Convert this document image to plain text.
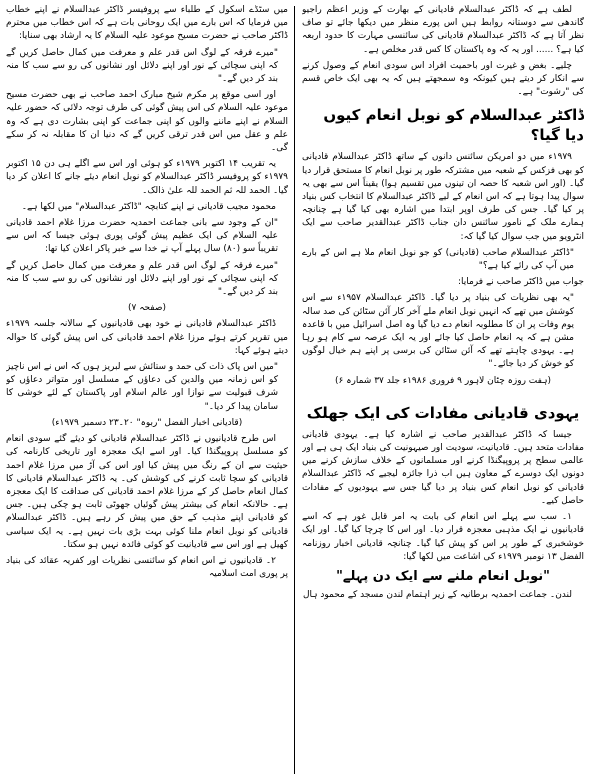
لطف ہے کہ ڈاکٹر عبدالسلام قادیانی کے بھارت کے وزیر اعظم راجیو گاندھی سے دوستانہ روابط ہیں اس پورے منظر میں دیکھا جائے تو صاف نظر آتا ہے کہ ڈاکٹر عبدالسلام قادیانی کی سائنسی مہارت کا حدود اربعہ کیا ہے؟ ...... اور یہ کہ وہ پاکستان کا کس قدر مخلص ہے۔

چلیے۔ بغض و غیرت اور باحمیت افراد اس سودی انعام کے وصول کرنے سے انکار کر دیتے ہیں کیونکہ وہ سمجھتے ہیں کہ یہ بھی ایک خاص قسم کی "رشوت" ہے۔

ڈاکٹر عبدالسلام کو نوبل انعام کیوں دیا گیا؟

۱۹۷۹ء میں دو امریکن سائنس دانوں کے ساتھ ڈاکٹر عبدالسلام قادیانی کو بھی فزکس کے شعبہ میں مشترکہ طور پر نوبل انعام کا مستحق قرار دیا گیا۔ (اور اس شعبہ کا حصہ ان تینوں میں تقسیم ہوا) یقیناً اس سے بھی یہ سوال پیدا ہوتا ہے کہ اس انعام کے لیے ڈاکٹر عبدالسلام کا انتخاب کس بنیاد پر کیا گیا۔ جس کی طرف اوپر ابتدا میں اشارہ بھی کیا گیا ہے چنانچہ ہمارے ملک کے نامور سائنس دان جناب ڈاکٹر عبدالقدیر صاحب سے ایک انٹرویو میں جب سوال کیا گیا کہ:

"ڈاکٹر عبدالسلام صاحب (قادیانی) کو جو نوبل انعام ملا ہے اس کے بارے میں آپ کی رائے کیا ہے؟"

جواب میں ڈاکٹر صاحب نے فرمایا:

"یہ بھی نظریات کی بنیاد پر دیا گیا۔ ڈاکٹر عبدالسلام ۱۹۵۷ء سے اس کوشش میں تھے کہ انہیں نوبل انعام ملے آخر کار آئن سٹائن کی صد سالہ یوم وفات پر ان کا مطلوبہ انعام دے دیا گیا وہ اصل اسرائیل میں با قاعدہ مشن ہے کہ یہ انعام حاصل کیا جائے اور یہ ایک عرصہ سے کام ہو رہا ہے۔ یہودی چاہتے تھے کہ آئن سٹائن کی برسی پر اپنے ہم خیال لوگوں کو خوش کر دیا جائے۔"

(ہفت روزہ چٹان لاہور ۹ فروری ۱۹۸۶ء جلد ۳۷ شمارہ ۶)

یہودی قادیانی مفادات کی ایک جھلک

جیسا کہ ڈاکٹر عبدالقدیر صاحب نے اشارہ کیا ہے۔ یہودی قادیانی مفادات متحد ہیں۔ قادیانیت، سودیت اور صیہونیت کی بنیاد ایک ہی ہے اور عالمی سطح پر پروپیگنڈا کرنے اور مسلمانوں کے خلاف سازش کرنے میں دونوں ایک دوسرے کے معاون ہیں اب ذرا جائزہ لیجیے کہ ڈاکٹر عبدالسلام قادیانی کو نوبل انعام کس بنیاد پر دیا گیا جس سے یہودیوں کے مفادات حاصل کیے۔

۱۔ سب سے پہلے اس انعام کی بابت یہ امر قابل غور ہے کہ اسے قادیانیوں نے ایک مذہبی معجزہ قرار دیا۔ اور اس کا چرچا کیا گیا۔ اور ایک خوشخبری کے طور پر اس کو پیش کیا گیا۔ چنانچہ قادیانی اخبار روزنامہ الفضل ۱۳ نومبر ۱۹۷۹ء کی اشاعت میں لکھا گیا:

"نوبل انعام ملنے سے ایک دن پہلے"

لندن۔ جماعت احمدیہ برطانیہ کے زیر اہتمام لندن مسجد کے محمود ہال

میں سٹڈے اسکول کے طلباء سے پروفیسر ڈاکٹر عبدالسلام نے اپنے خطاب میں فرمایا کہ اس بارے میں ایک روحانی بات ہے کہ اس خطاب میں محترم ڈاکٹر صاحب نے حضرت مسیح موعود علیہ السلام کا یہ ارشاد بھی سنایا:

"میرے فرقہ کے لوگ اس قدر علم و معرفت میں کمال حاصل کریں گے کہ اپنی سچائی کے نور اور اپنے دلائل اور نشانوں کی رو سے سب کا منہ بند کر دیں گے۔"

اور اسی موقع پر مکرم شیخ مبارک احمد صاحب نے بھی حضرت مسیح موعود علیہ السلام کی اس پیش گوئی کی طرف توجہ دلائی کہ حضور علیہ السلام نے اپنے ماننے والوں کو اپنی جماعت کو اپنی بشارت دی ہے کہ وہ علم و عقل میں اس قدر ترقی کریں گے کہ دنیا ان کا مقابلہ نہ کر سکے گی۔

یہ تقریب ۱۴ اکتوبر ۱۹۷۹ء کو ہوئی اور اس سے اگلے ہی دن ۱۵ اکتوبر ۱۹۷۹ء کو پروفیسر ڈاکٹر عبدالسلام کو نوبل انعام دیئے جانے کا اعلان کر دیا گیا۔ الحمد للہ ثم الحمد للہ علیٰ ذالک۔

محمود مجیب قادیانی نے اپنے کتابچہ "ڈاکٹر عبدالسلام" میں لکھا ہے۔

"ان کے وجود سے بانی جماعت احمدیہ حضرت مرزا غلام احمد قادیانی علیہ السلام کی ایک عظیم پیش گوئی پوری ہوئی جیسا کہ اس سے تقریباً سو (۸۰) سال پہلے آپ نے خدا سے خبر پاکر اعلان کیا تھا:

"میرے فرقہ کے لوگ اس قدر علم و معرفت میں کمال حاصل کریں گے کہ اپنی سچائی کے نور اور اپنے دلائل اور نشانوں کی رو سے سب کا منہ بند کر دیں گے۔"

(صفحہ ۷)

ڈاکٹر عبدالسلام قادیانی نے خود بھی قادیانیوں کے سالانہ جلسہ ۱۹۷۹ء میں تقریر کرتے ہوئے مرزا غلام احمد قادیانی کی اس پیش گوئی کا حوالہ دیتے ہوئے کہا:

"میں اس پاک ذات کی حمد و ستائش سے لبریز ہوں کہ اس نے اس ناچیز کو اس زمانہ میں والدین کی دعاؤں کے مسلسل اور متواتر دعاؤں کو شرف قبولیت سے نوازا اور عالم اسلام اور پاکستان کے لئے خوشی کا سامان پیدا کر دیا۔"

(قادیانی اخبار الفضل "ربوہ" ۲۰۔۲۳ دسمبر ۱۹۷۹ء)

اس طرح قادیانیوں نے ڈاکٹر عبدالسلام قادیانی کو دیئے گئے سودی انعام کو مسلسل پروپیگنڈا کیا۔ اور اسے ایک معجزہ اور تاریخی کارنامہ کی حیثیت سے ان کے رنگ میں پیش کیا اور اس کی آڑ میں مرزا غلام احمد قادیانی کو سچا ثابت کرنے کی کوشش کی۔ یہ ڈاکٹر عبدالسلام قادیانی کا کمال انعام حاصل کر کے مرزا غلام احمد قادیانی کی صداقت کا ایک معجزہ ہے۔ حالانکہ انعام کی بیشتر پیش گوئیاں جھوٹی ثابت ہو چکی ہیں۔ جس کو قادیانی اپنے مذہب کے حق میں پیش کر رہے ہیں۔ ڈاکٹر عبدالسلام قادیانی کو نوبل انعام ملنا کوئی بہت بڑی بات نہیں ہے۔ یہ ایک سیاسی کھیل ہے اور اس سے قادیانیت کو کوئی فائدہ نہیں ہو سکتا۔

۲۔ قادیانیوں نے اس انعام کو سائنسی نظریات اور کفریہ عقائد کی بنیاد پر پوری امت اسلامیہ
